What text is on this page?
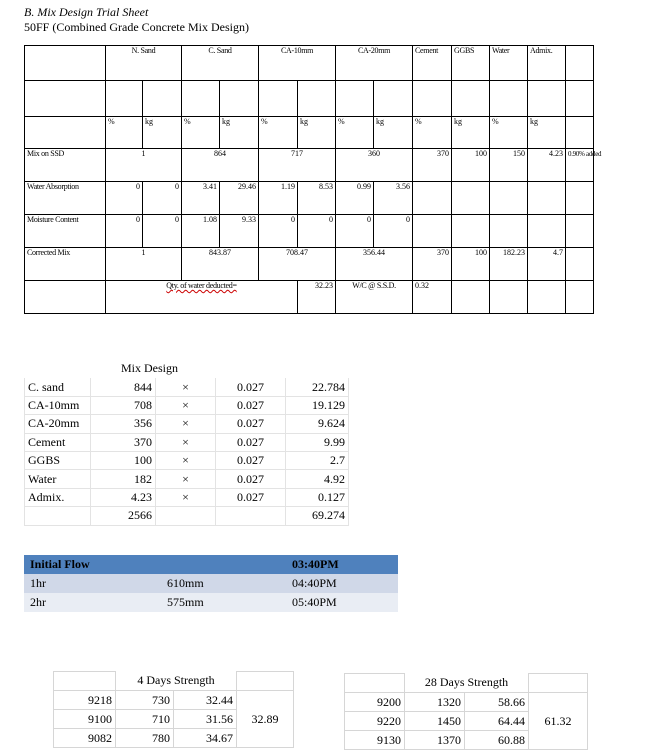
B. Mix Design Trial Sheet
50FF (Combined Grade Concrete Mix Design)
	N. Sand		C. Sand		CA-10mm		CA-20mm		Cement	GGBS	Water	Admix.	

	%	kg	%	kg	%	kg	%	kg	%	kg	%	kg	
Mix on SSD	1		864		717		360		370	100	150	4.23	0.90% added
Water Absorption	0	0	3.41	29.46	1.19	8.53	0.99	3.56					
Moisture Content	0	0	1.08	9.33	0	0	0	0					
Corrected Mix	1		843.87		708.47		356.44		370	100	182.23	4.7	
	Qty. of water deducted=					32.23	W/C @ S.S.D.		0.32				
	Mix Design			
C. sand	844	×	0.027	22.784
CA-10mm	708	×	0.027	19.129
CA-20mm	356	×	0.027	9.624
Cement	370	×	0.027	9.99
GGBS	100	×	0.027	2.7
Water	182	×	0.027	4.92
Admix.	4.23	×	0.027	0.127
	2566			69.274
Initial Flow		03:40PM
1hr	610mm	04:40PM
2hr	575mm	05:40PM
	4 Days Strength		
9218	730	32.44	32.89
9100	710	31.56	
9082	780	34.67	
	28 Days Strength		
9200	1320	58.66	61.32
9220	1450	64.44	
9130	1370	60.88	
